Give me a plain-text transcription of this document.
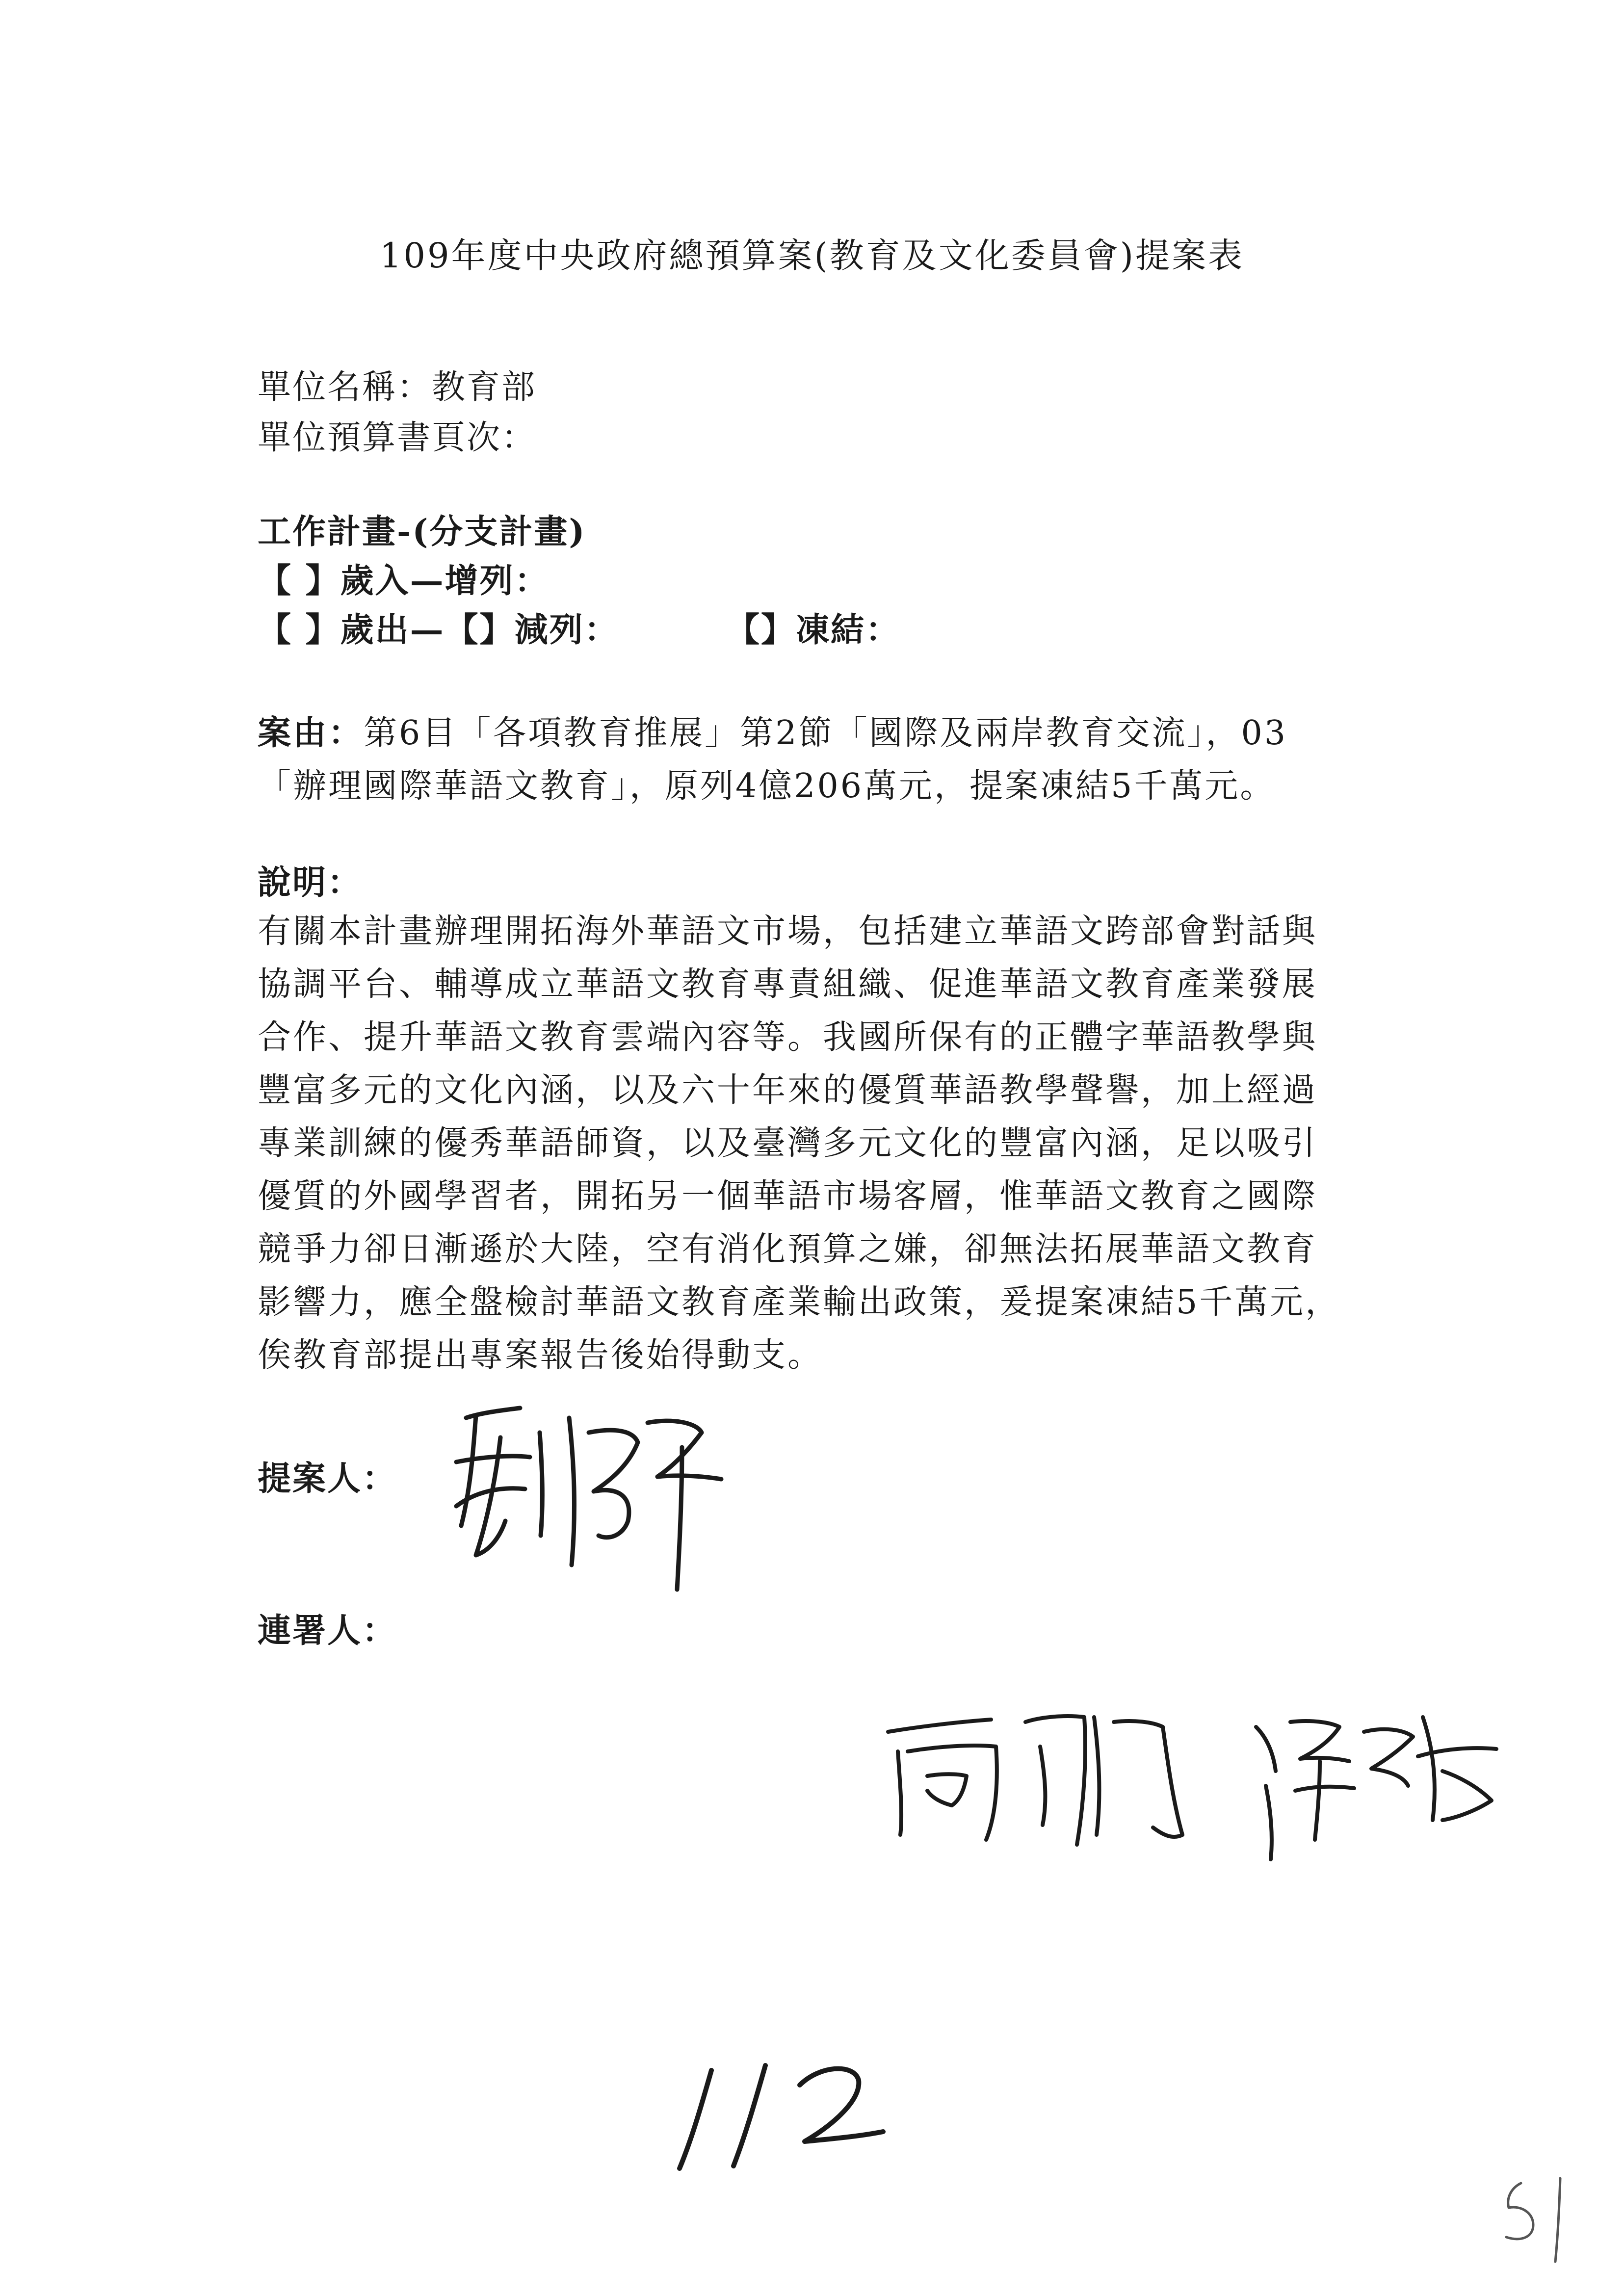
109年度中央政府總預算案(教育及文化委員會)提案表
單位名稱：教育部
單位預算書頁次：
工作計畫-(分支計畫)
【 】歲入—增列：
【 】歲出—【】減列：	【】凍結：
案由：第6目「各項教育推展」第2節「國際及兩岸教育交流」，03
「辦理國際華語文教育」，原列4億206萬元，提案凍結5千萬元。
說明：
有關本計畫辦理開拓海外華語文市場，包括建立華語文跨部會對話與
協調平台、輔導成立華語文教育專責組織、促進華語文教育產業發展
合作、提升華語文教育雲端內容等。我國所保有的正體字華語教學與
豐富多元的文化內涵，以及六十年來的優質華語教學聲譽，加上經過
專業訓練的優秀華語師資，以及臺灣多元文化的豐富內涵，足以吸引
優質的外國學習者，開拓另一個華語市場客層，惟華語文教育之國際
競爭力卻日漸遜於大陸，空有消化預算之嫌，卻無法拓展華語文教育
影響力，應全盤檢討華語文教育產業輸出政策，爰提案凍結5千萬元，
俟教育部提出專案報告後始得動支。
提案人：
連署人：
